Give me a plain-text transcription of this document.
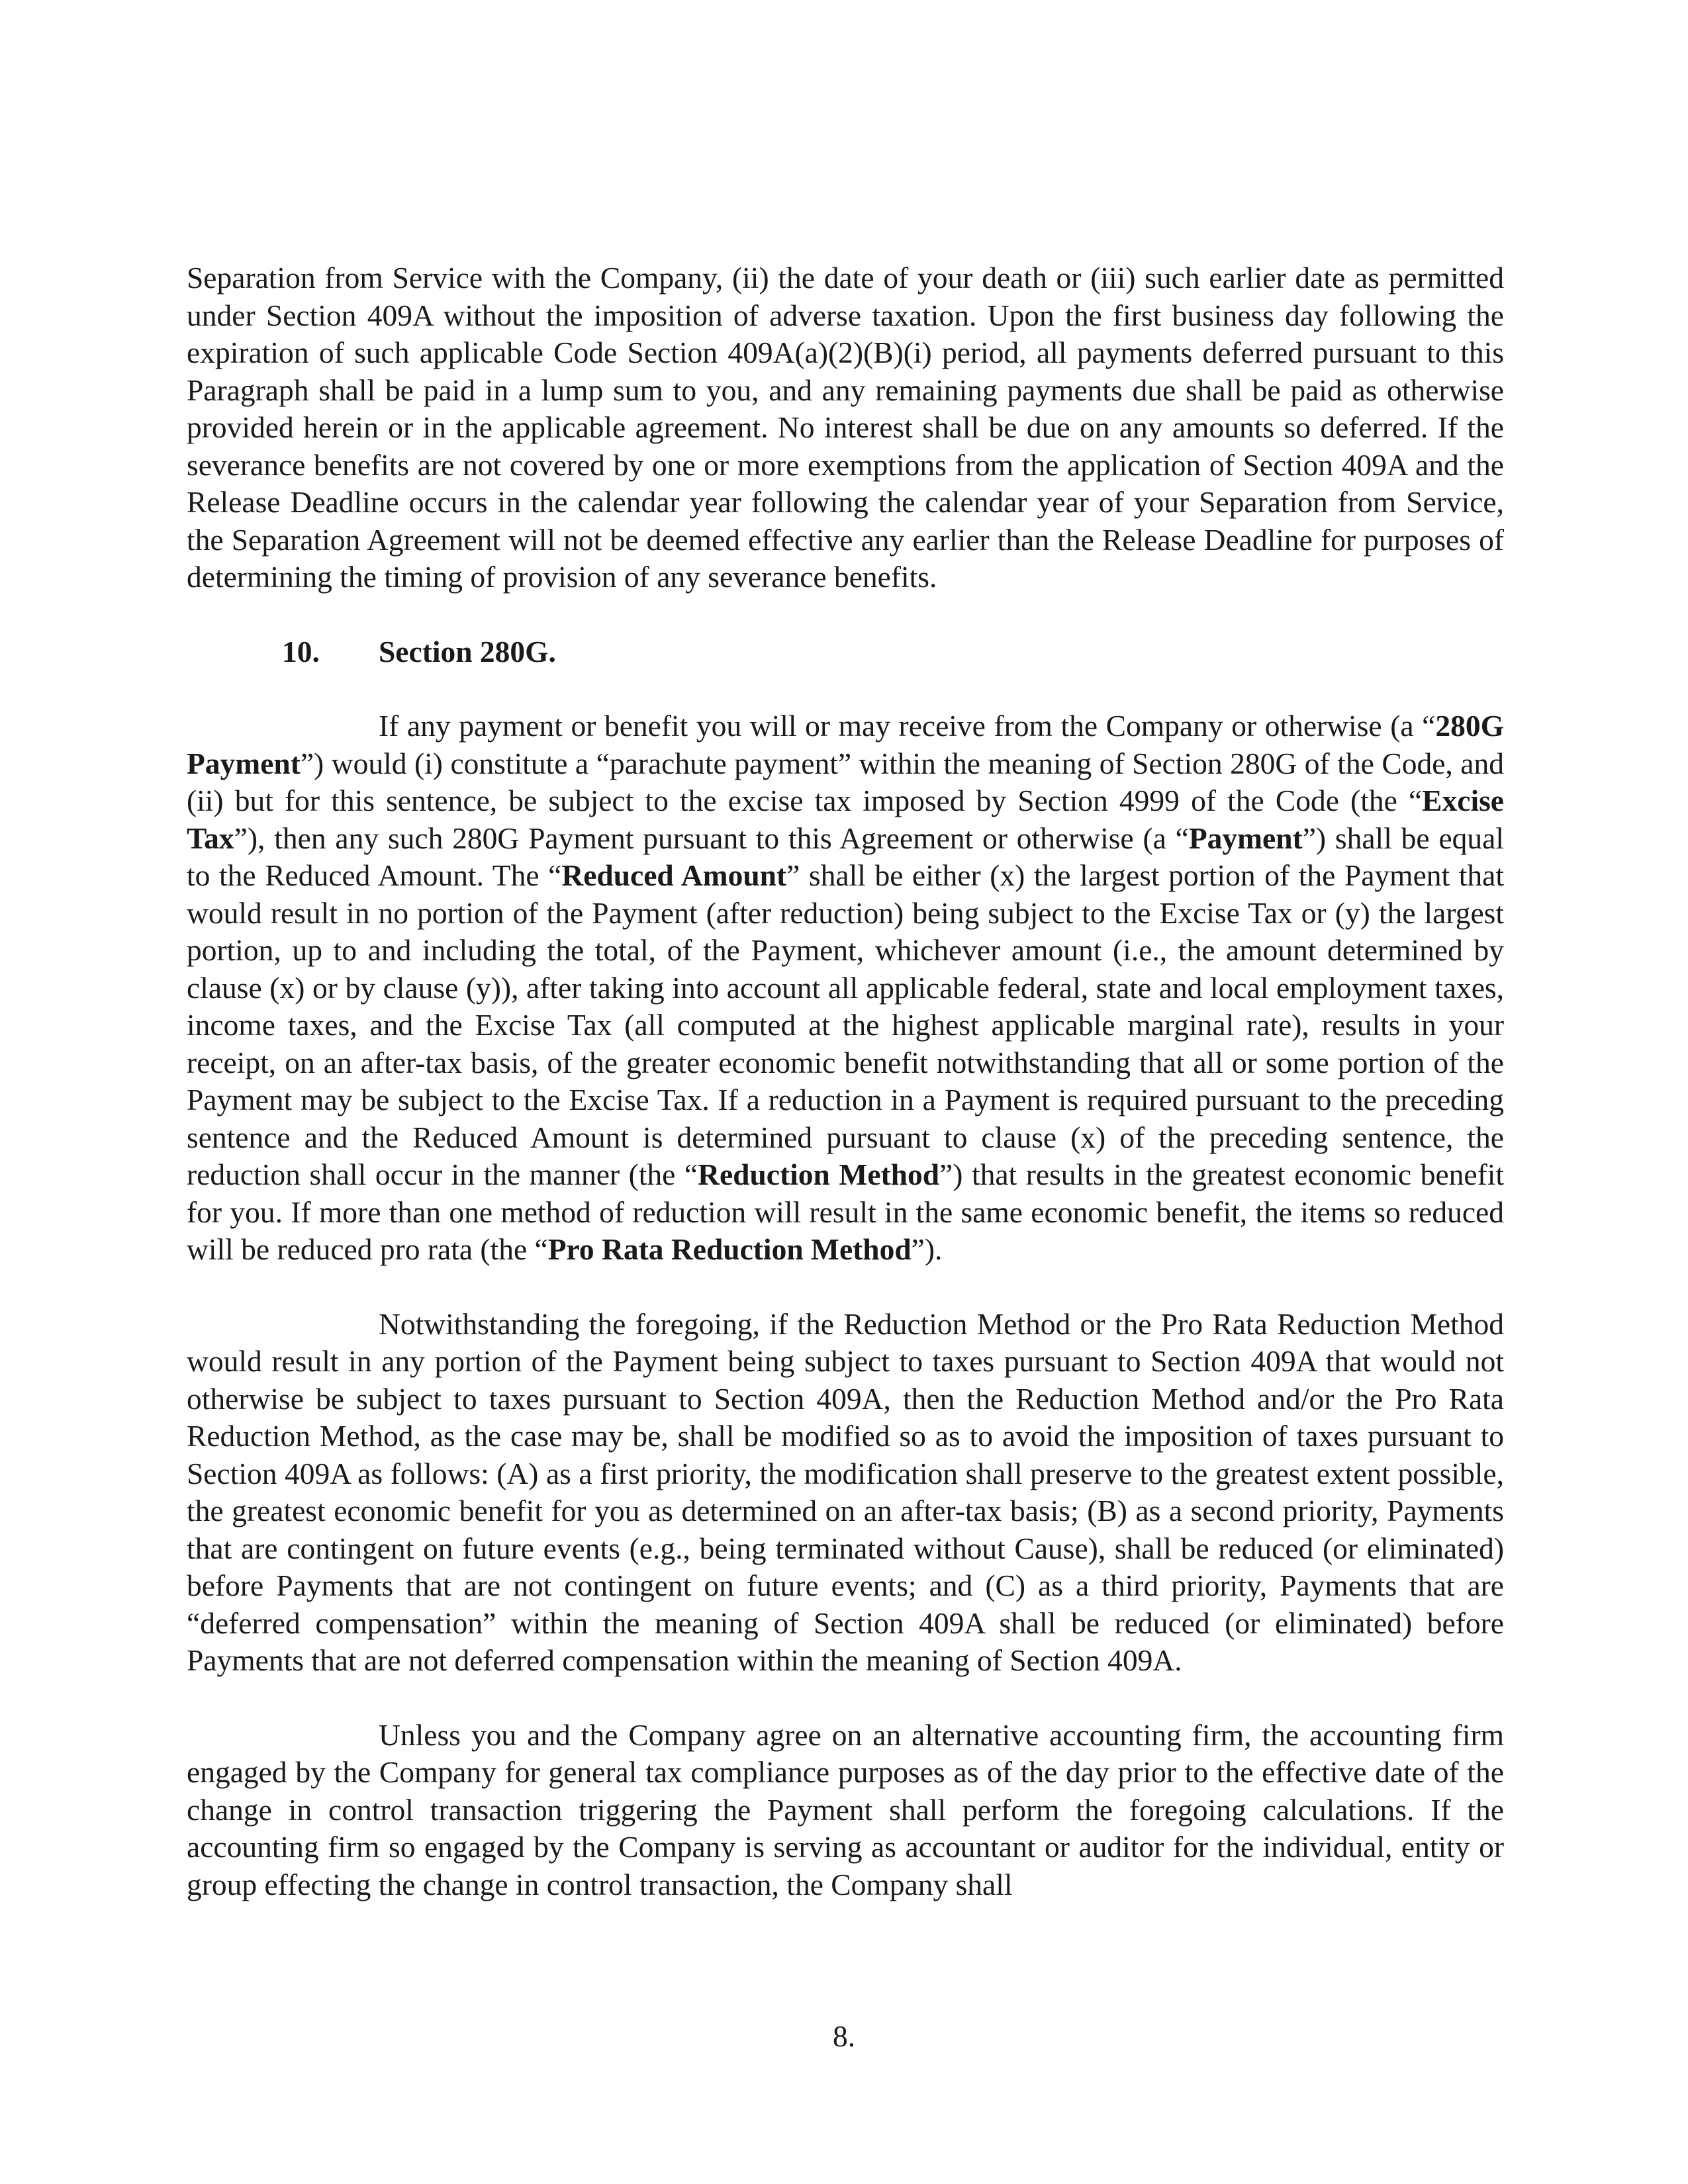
Separation from Service with the Company, (ii) the date of your death or (iii) such earlier date as permitted under Section 409A without the imposition of adverse taxation. Upon the first business day following the expiration of such applicable Code Section 409A(a)(2)(B)(i) period, all payments deferred pursuant to this Paragraph shall be paid in a lump sum to you, and any remaining payments due shall be paid as otherwise provided herein or in the applicable agreement. No interest shall be due on any amounts so deferred. If the severance benefits are not covered by one or more exemptions from the application of Section 409A and the Release Deadline occurs in the calendar year following the calendar year of your Separation from Service, the Separation Agreement will not be deemed effective any earlier than the Release Deadline for purposes of determining the timing of provision of any severance benefits.

10.	Section 280G.

If any payment or benefit you will or may receive from the Company or otherwise (a “280G Payment”) would (i) constitute a “parachute payment” within the meaning of Section 280G of the Code, and (ii) but for this sentence, be subject to the excise tax imposed by Section 4999 of the Code (the “Excise Tax”), then any such 280G Payment pursuant to this Agreement or otherwise (a “Payment”) shall be equal to the Reduced Amount. The “Reduced Amount” shall be either (x) the largest portion of the Payment that would result in no portion of the Payment (after reduction) being subject to the Excise Tax or (y) the largest portion, up to and including the total, of the Payment, whichever amount (i.e., the amount determined by clause (x) or by clause (y)), after taking into account all applicable federal, state and local employment taxes, income taxes, and the Excise Tax (all computed at the highest applicable marginal rate), results in your receipt, on an after-tax basis, of the greater economic benefit notwithstanding that all or some portion of the Payment may be subject to the Excise Tax. If a reduction in a Payment is required pursuant to the preceding sentence and the Reduced Amount is determined pursuant to clause (x) of the preceding sentence, the reduction shall occur in the manner (the “Reduction Method”) that results in the greatest economic benefit for you. If more than one method of reduction will result in the same economic benefit, the items so reduced will be reduced pro rata (the “Pro Rata Reduction Method”).

Notwithstanding the foregoing, if the Reduction Method or the Pro Rata Reduction Method would result in any portion of the Payment being subject to taxes pursuant to Section 409A that would not otherwise be subject to taxes pursuant to Section 409A, then the Reduction Method and/or the Pro Rata Reduction Method, as the case may be, shall be modified so as to avoid the imposition of taxes pursuant to Section 409A as follows: (A) as a first priority, the modification shall preserve to the greatest extent possible, the greatest economic benefit for you as determined on an after-tax basis; (B) as a second priority, Payments that are contingent on future events (e.g., being terminated without Cause), shall be reduced (or eliminated) before Payments that are not contingent on future events; and (C) as a third priority, Payments that are “deferred compensation” within the meaning of Section 409A shall be reduced (or eliminated) before Payments that are not deferred compensation within the meaning of Section 409A.

Unless you and the Company agree on an alternative accounting firm, the accounting firm engaged by the Company for general tax compliance purposes as of the day prior to the effective date of the change in control transaction triggering the Payment shall perform the foregoing calculations. If the accounting firm so engaged by the Company is serving as accountant or auditor for the individual, entity or group effecting the change in control transaction, the Company shall

8.
